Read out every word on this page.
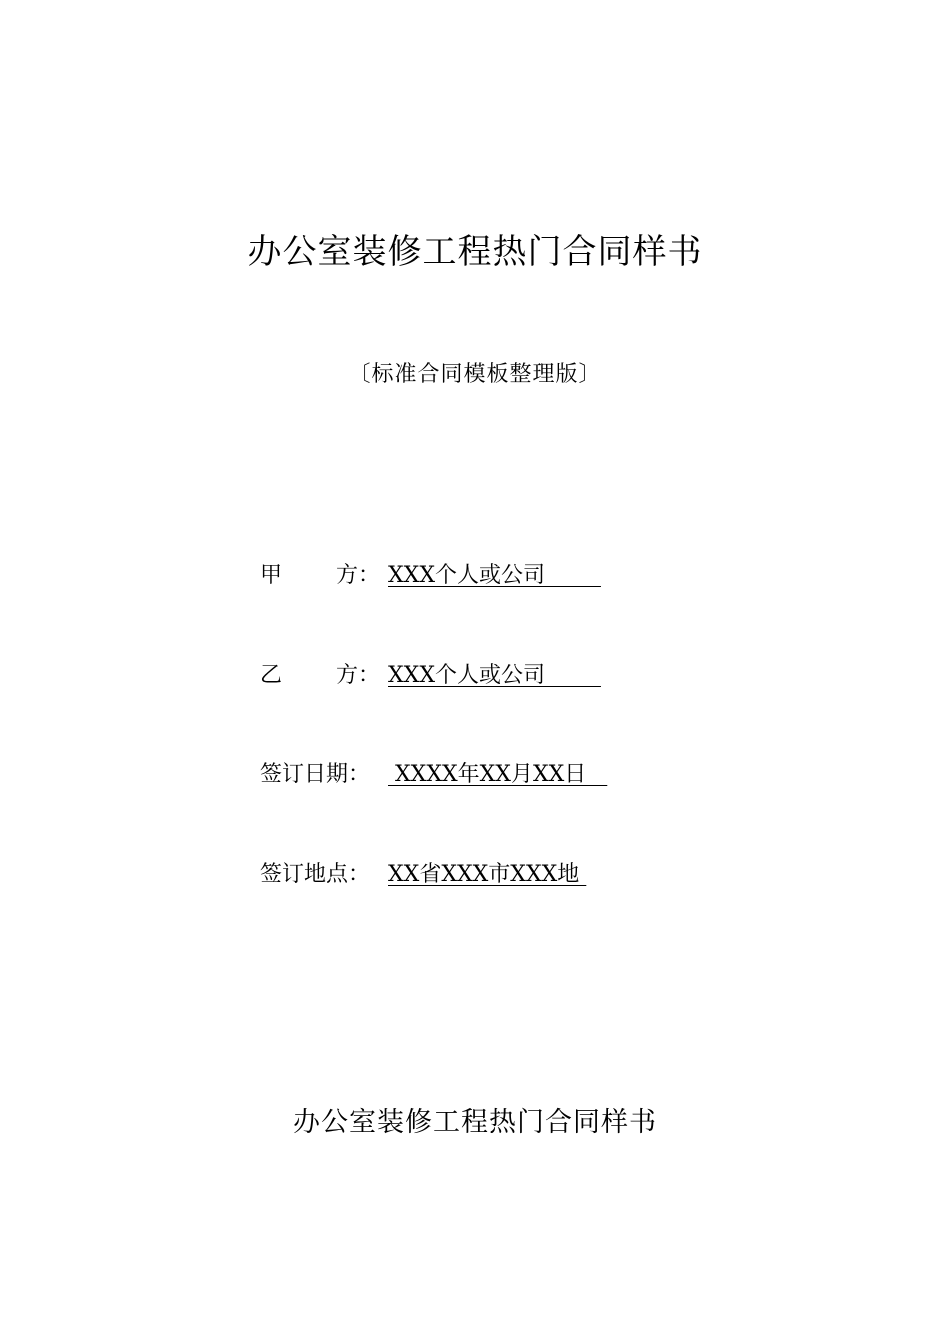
办公室装修工程热门合同样书
〔标准合同模板整理版〕
甲 方： XXX个人或公司
乙 方： XXX个人或公司
签订日期： XXXX年XX月XX日
签订地点： XX省XXX市XXX地
办公室装修工程热门合同样书
